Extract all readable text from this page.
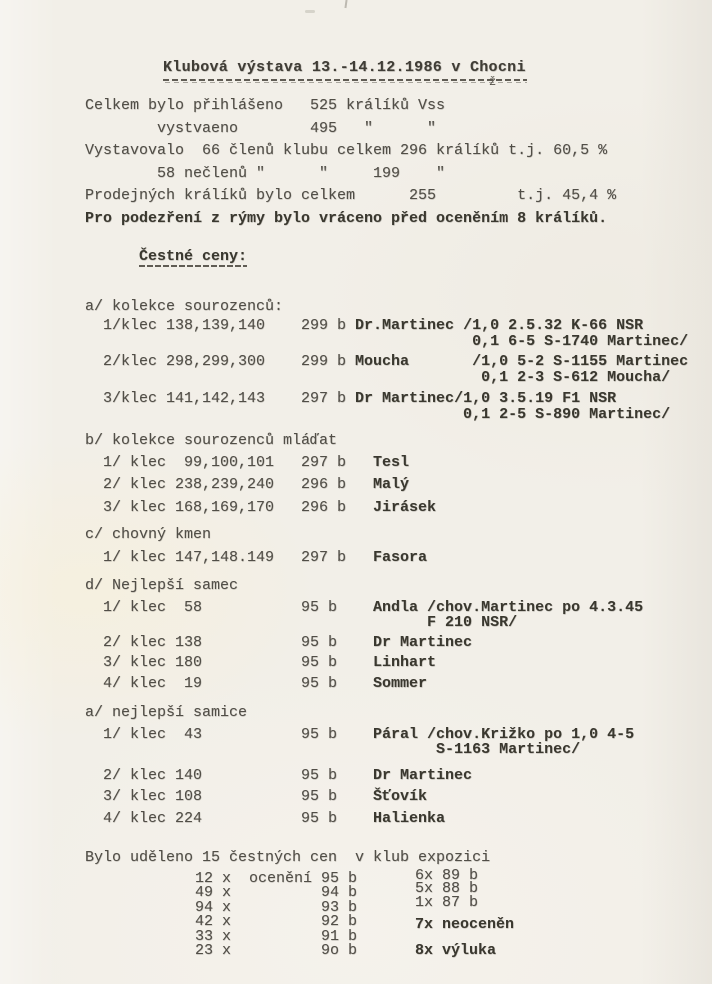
Klubová výstava 13.-14.12.1986 v Chocni
ž
Celkem bylo přihlášeno   525 králíků Vss
vystvaeno        495   "      "
Vystavovalo  66 členů klubu celkem 296 králíků t.j. 60,5 %
58 nečlenů "      "     199    "
Prodejných králíků bylo celkem      255         t.j. 45,4 %
Pro podezření z rýmy bylo vráceno před oceněním 8 králíků.

Čestné ceny:

a/ kolekce sourozenců:
1/klec 138,139,140    299 b Dr.Martinec /1,0 2.5.32 K-66 NSR
0,1 6-5 S-1740 Martinec/
2/klec 298,299,300    299 b Moucha       /1,0 5-2 S-1155 Martinec
0,1 2-3 S-612 Moucha/
3/klec 141,142,143    297 b Dr Martinec/1,0 3.5.19 F1 NSR
0,1 2-5 S-890 Martinec/
b/ kolekce sourozenců mláďat
1/ klec  99,100,101   297 b   Tesl
2/ klec 238,239,240   296 b   Malý
3/ klec 168,169,170   296 b   Jirásek
c/ chovný kmen
1/ klec 147,148.149   297 b   Fasora
d/ Nejlepší samec
1/ klec  58           95 b    Andla /chov.Martinec po 4.3.45
F 210 NSR/
2/ klec 138           95 b    Dr Martinec
3/ klec 180           95 b    Linhart
4/ klec  19           95 b    Sommer
a/ nejlepší samice
1/ klec  43           95 b    Páral /chov.Križko po 1,0 4-5
S-1163 Martinec/
2/ klec 140           95 b    Dr Martinec
3/ klec 108           95 b    Šťovík
4/ klec 224           95 b    Halienka
Bylo uděleno 15 čestných cen  v klub expozici
12 x  ocenění 95 b
49 x          94 b
94 x          93 b
42 x          92 b
33 x          91 b
23 x          9o b
6x 89 b
5x 88 b
1x 87 b
7x neoceněn
8x výluka
